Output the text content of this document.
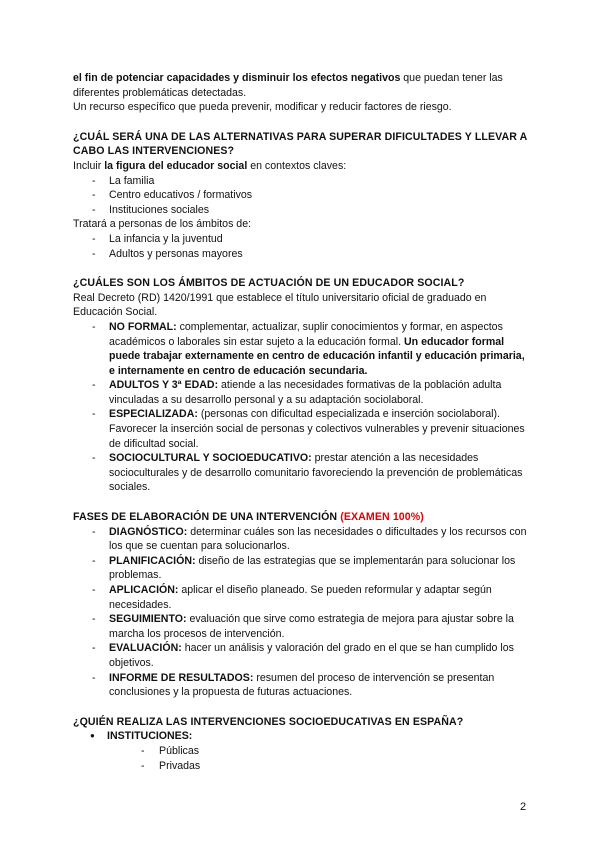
el fin de potenciar capacidades y disminuir los efectos negativos que puedan tener las diferentes problemáticas detectadas.

Un recurso específico que pueda prevenir, modificar y reducir factores de riesgo.

¿CUÁL SERÁ UNA DE LAS ALTERNATIVAS PARA SUPERAR DIFICULTADES Y LLEVAR A CABO LAS INTERVENCIONES?

Incluir la figura del educador social en contextos claves:

- La familia
- Centro educativos / formativos
- Instituciones sociales

Tratará a personas de los ámbitos de:

- La infancia y la juventud
- Adultos y personas mayores
¿CUÁLES SON LOS ÁMBITOS DE ACTUACIÓN DE UN EDUCADOR SOCIAL?

Real Decreto (RD) 1420/1991 que establece el título universitario oficial de graduado en Educación Social.

- NO FORMAL: complementar, actualizar, suplir conocimientos y formar, en aspectos académicos o laborales sin estar sujeto a la educación formal. Un educador formal puede trabajar externamente en centro de educación infantil y educación primaria, e internamente en centro de educación secundaria.
- ADULTOS Y 3ª EDAD: atiende a las necesidades formativas de la población adulta vinculadas a su desarrollo personal y a su adaptación sociolaboral.
- ESPECIALIZADA: (personas con dificultad especializada e inserción sociolaboral). Favorecer la inserción social de personas y colectivos vulnerables y prevenir situaciones de dificultad social.
- SOCIOCULTURAL Y SOCIOEDUCATIVO: prestar atención a las necesidades socioculturales y de desarrollo comunitario favoreciendo la prevención de problemáticas sociales.
FASES DE ELABORACIÓN DE UNA INTERVENCIÓN (EXAMEN 100%)
- DIAGNÓSTICO: determinar cuáles son las necesidades o dificultades y los recursos con los que se cuentan para solucionarlos.
- PLANIFICACIÓN: diseño de las estrategias que se implementarán para solucionar los problemas.
- APLICACIÓN: aplicar el diseño planeado. Se pueden reformular y adaptar según necesidades.
- SEGUIMIENTO: evaluación que sirve como estrategia de mejora para ajustar sobre la marcha los procesos de intervención.
- EVALUACIÓN: hacer un análisis y valoración del grado en el que se han cumplido los objetivos.
- INFORME DE RESULTADOS: resumen del proceso de intervención se presentan conclusiones y la propuesta de futuras actuaciones.
¿QUIÉN REALIZA LAS INTERVENCIONES SOCIOEDUCATIVAS EN ESPAÑA?
● INSTITUCIONES:
- Públicas
- Privadas
2
